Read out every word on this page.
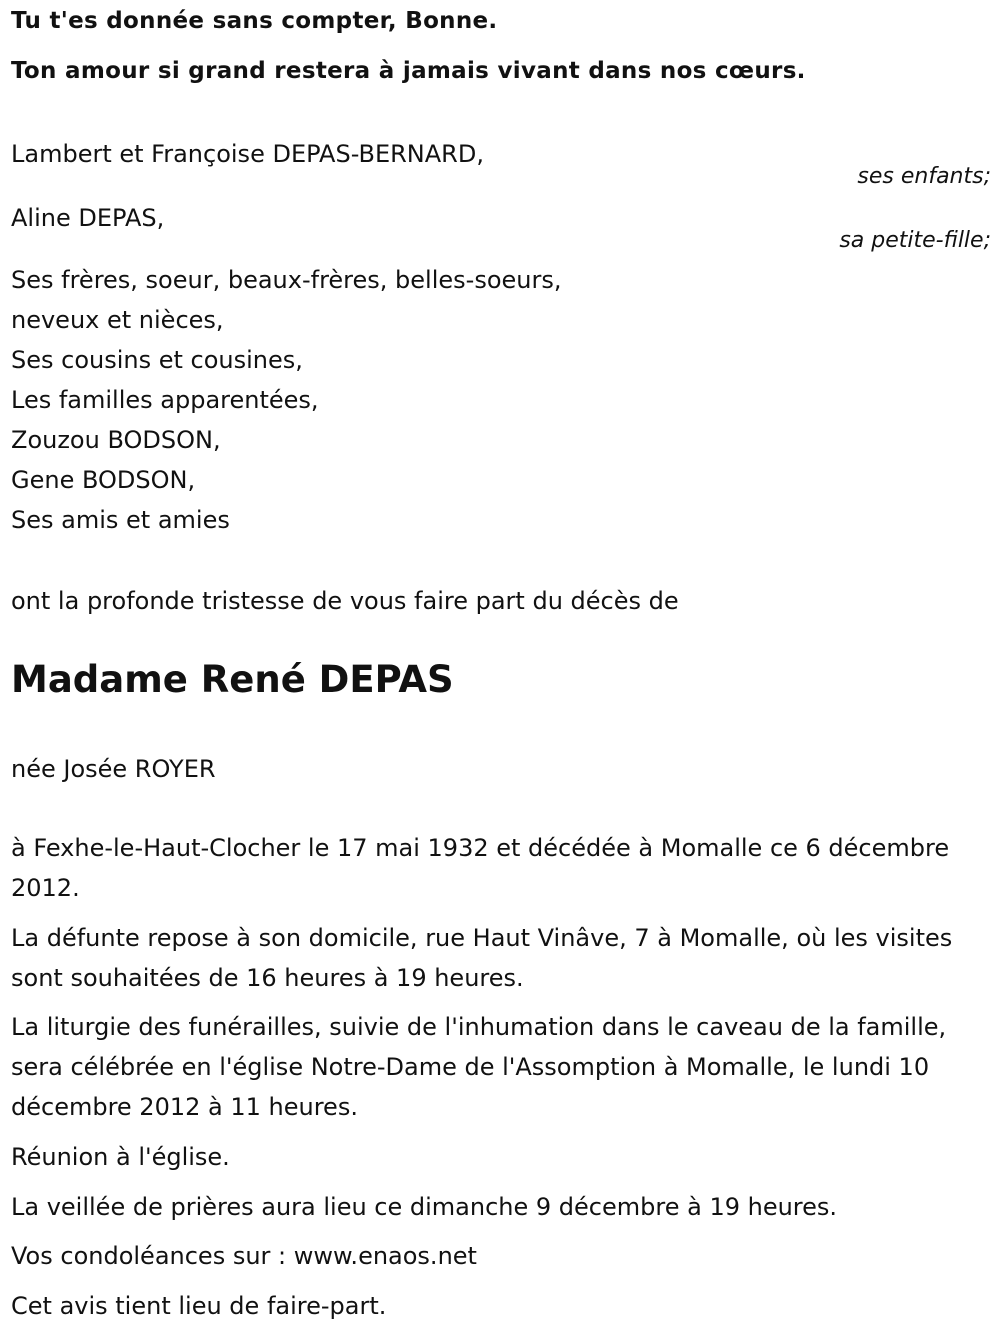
Tu t'es donnée sans compter, Bonne.

Ton amour si grand restera à jamais vivant dans nos cœurs.

Lambert et Françoise DEPAS-BERNARD,

ses enfants;

Aline DEPAS,

sa petite-fille;
Ses frères, soeur, beaux-frères, belles-soeurs,
neveux et nièces,
Ses cousins et cousines,
Les familles apparentées,
Zouzou BODSON,
Gene BODSON,
Ses amis et amies

ont la profonde tristesse de vous faire part du décès de

Madame René DEPAS

née Josée ROYER

à Fexhe-le-Haut-Clocher le 17 mai 1932 et décédée à Momalle ce 6 décembre 2012.

La défunte repose à son domicile, rue Haut Vinâve, 7 à Momalle, où les visites sont souhaitées de 16 heures à 19 heures.

La liturgie des funérailles, suivie de l'inhumation dans le caveau de la famille, sera célébrée en l'église Notre-Dame de l'Assomption à Momalle, le lundi 10 décembre 2012 à 11 heures.

Réunion à l'église.

La veillée de prières aura lieu ce dimanche 9 décembre à 19 heures.

Vos condoléances sur : www.enaos.net

Cet avis tient lieu de faire-part.
